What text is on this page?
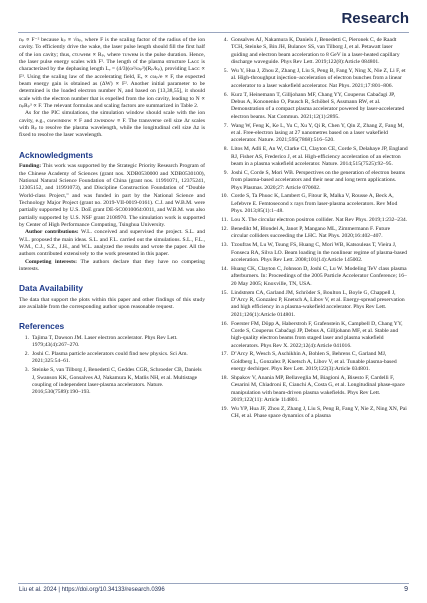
Research

nₚ ∝ F⁻² because kₚ ∝ √nₚ, where F is the scaling factor of the radius of the ion cavity. To efficiently drive the wake, the laser pulse length should fill the first half of the ion cavity; thus, cτᴜᴡʜᴍ ∝ Rₚ, where τᴜᴡʜᴍ is the pulse duration. Hence, the laser pulse energy scales with F². The length of the plasma structure Lᴀᴄᴄ is characterized by the dephasing length Lₔ = (4/3)(ω²/ωₚ²)(Rₚ/kₚ), providing Lᴀᴄᴄ ∝ F³. Using the scaling law of the accelerating field, Eₓ ∝ cωₚ/e ∝ F, the expected beam energy gain is obtained as (ΔW) ∝ F². Another initial parameter to be determined is the loaded electron number N, and based on [13,38,55], it should scale with the electron number that is expelled from the ion cavity, leading to N ∝ nₚRₚ³ ∝ F. The relevant formulas and scaling factors are summarized in Table 2.

As for the PIC simulations, the simulation window should scale with the ion cavity, e.g., cωᴡɪɴᴅᴏᴡ ∝ F and zᴡɪɴᴅᴏᴡ ∝ F. The transverse cell size Δr scales with Rₚ to resolve the plasma wavelength, while the longitudinal cell size Δz is fixed to resolve the laser wavelength.

Acknowledgments

Funding: This work was supported by the Strategic Priority Research Program of the Chinese Academy of Sciences (grant nos. XDB0530000 and XDB0530100), National Natural Science Foundation of China (grant nos. 11991071, 12375241, 12305152, and 11991073), and Discipline Construction Foundation of “Double World-class Project,” and was funded in part by the National Science and Technology Major Project (grant no. 2019-VII-0019-0161). C.J. and W.B.M. were partially supported by U.S. DoE grant DE-SC0010064:0011, and W.B.M. was also partially supported by U.S. NSF grant 2108970. The simulation work is supported by Center of High Performance Computing, Tsinghua University.

Author contributions: W.L. conceived and supervised the project. S.L. and W.L. proposed the main ideas. S.L. and F.L. carried out the simulations. S.L., F.L., W.M., C.J., S.Z., J.H., and W.L. analyzed the results and wrote the paper. All the authors contributed extensively to the work presented in this paper.

Competing interests: The authors declare that they have no competing interests.

Data Availability

The data that support the plots within this paper and other findings of this study are available from the corresponding author upon reasonable request.

References
1. Tajima T, Dawson JM. Laser electron accelerator. Phys Rev Lett. 1979;43(4):267–270.
2. Joshi C. Plasma particle accelerators could find new physics. Sci Am. 2021;325:54–61.
3. Steinke S, van Tilborg J, Benedetti C, Geddes CGR, Schroeder CB, Daniels J, Swanson KK, Gonsalves AJ, Nakamura K, Matlis NH, et al. Multistage coupling of independent laser-plasma accelerators. Nature. 2016;530(7589):190–193.
4. Gonsalves AJ, Nakamura K, Daniels J, Benedetti C, Pieronek C, de Raadt TCH, Steinke S, Bin JH, Bulanov SS, van Tilborg J, et al. Petawatt laser guiding and electron beam acceleration to 8 GeV in a laser-heated capillary discharge waveguide. Phys Rev Lett. 2019;122(8):Article 084801.
5. Wu Y, Hua J, Zhou Z, Zhang J, Liu S, Peng B, Fang Y, Ning X, Nie Z, Li F, et al. High-throughput injection–acceleration of electron bunches from a linear accelerator to a laser wakefield accelerator. Nat Phys. 2021;17:801–806.
6. Kurz T, Heinemann T, Gilljohann MF, Chang YY, Couperus Cabačagi JP, Debus A, Kononenko O, Pausch R, Schöbel S, Assmann RW, et al. Demonstration of a compact plasma accelerator powered by laser-accelerated electron beams. Nat Commun. 2021;12(1):2895.
7. Wang W, Feng K, Ke L, Yu C, Xu Y, Qi R, Chen Y, Qin Z, Zhang Z, Fang M, et al. Free-electron lasing at 27 nanometres based on a laser wakefield accelerator. Nature. 2021;595(7868):516–520.
8. Litos M, Adli E, An W, Clarke CI, Clayton CE, Corde S, Delahaye JP, England RJ, Fisher AS, Frederico J, et al. High-efficiency acceleration of an electron beam in a plasma wakefield accelerator. Nature. 2014;515(7525):92–95.
9. Joshi C, Corde S, Mori WB. Perspectives on the generation of electron beams from plasma-based accelerators and their near and long term applications. Phys Plasmas. 2020;27: Article 070602.
10. Corde S, Ta Phuoc K, Lambert G, Fitour R, Malka V, Rousse A, Beck A, Lefebvre E. Femtosecond x rays from laser-plasma accelerators. Rev Mod Phys. 2013;85(1):1–48.
11. Lou X. The circular electron positron collider. Nat Rev Phys. 2019;1:232–234.
12. Benedikt M, Blondel A, Janot P, Mangano ML, Zimmermann F. Future circular colliders succeeding the LHC. Nat Phys. 2020;16:402–407.
13. Tzoufras M, Lu W, Tsung FS, Huang C, Mori WB, Katsouleas T, Vieira J, Fonseca RA, Silva LO. Beam loading in the nonlinear regime of plasma-based acceleration. Phys Rev Lett. 2008;101(14):Article 145002.
14. Huang CK, Clayton C, Johnson D, Joshi C, Lu W. Modeling TeV class plasma afterburners. In: Proceedings of the 2005 Particle Accelerator Conference; 16–20 May 2005; Knoxville, TN, USA.
15. Lindstrøm CA, Garland JM, Schröder S, Boulton L, Boyle G, Chappell J, D’Arcy R, Gonzalez P, Knetsch A, Libov V, et al. Energy-spread preservation and high efficiency in a plasma-wakefield accelerator. Phys Rev Lett. 2021;126(1):Article 014801.
16. Foerster FM, Döpp A, Haberstroh F, Grafenstein K, Campbell D, Chang YY, Corde S, Couperus Cabačagi JP, Debus A, Gilljohann MF, et al. Stable and high-quality electron beams from staged laser and plasma wakefield accelerators. Phys Rev X. 2022;12(4):Article 041016.
17. D’Arcy R, Wesch S, Aschikhin A, Bohlen S, Behrens C, Garland MJ, Goldberg L, Gonzalez P, Knetsch A, Libov V, et al. Tunable plasma-based energy dechirper. Phys Rev Lett. 2019;122(3):Article 034801.
18. Shpakov V, Anania MP, Bellaveglia M, Biagioni A, Bisesto F, Cardelli F, Cesarini M, Chiadroni E, Cianchi A, Costa G, et al. Longitudinal phase-space manipulation with beam-driven plasma wakefields. Phys Rev Lett. 2019;122(11): Article 114801.
19. Wu YP, Hua JF, Zhou Z, Zhang J, Liu S, Peng B, Fang Y, Nie Z, Ning XN, Pai CH, et al. Phase space dynamics of a plasma
Liu et al. 2024 | https://doi.org/10.34133/research.0396	9
